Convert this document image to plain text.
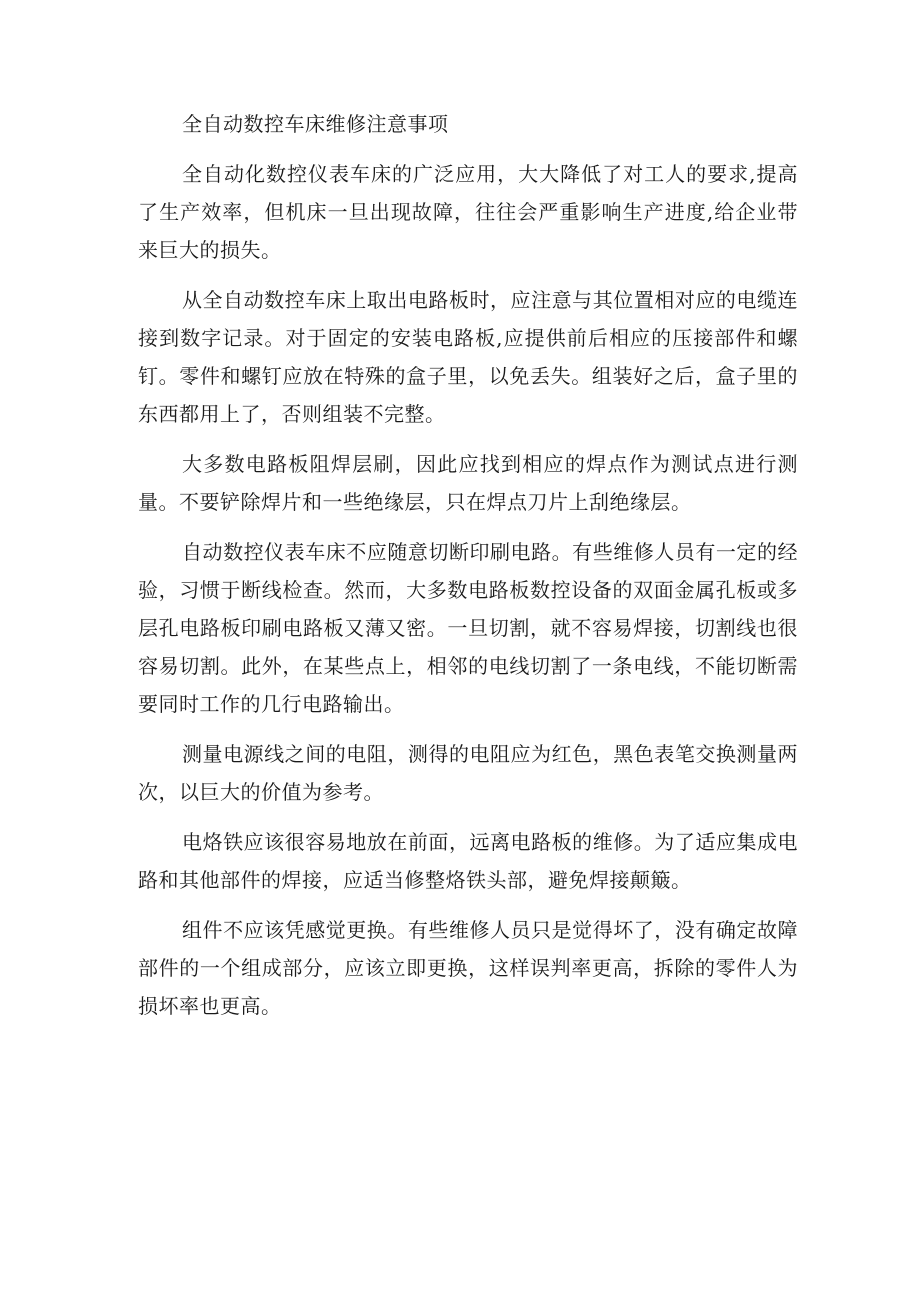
全自动数控车床维修注意事项

全自动化数控仪表车床的广泛应用，大大降低了对工人的要求,提高了生产效率，但机床一旦出现故障，往往会严重影响生产进度,给企业带来巨大的损失。

从全自动数控车床上取出电路板时，应注意与其位置相对应的电缆连接到数字记录。对于固定的安装电路板,应提供前后相应的压接部件和螺钉。零件和螺钉应放在特殊的盒子里，以免丢失。组装好之后，盒子里的东西都用上了，否则组装不完整。

大多数电路板阻焊层刷，因此应找到相应的焊点作为测试点进行测量。不要铲除焊片和一些绝缘层，只在焊点刀片上刮绝缘层。

自动数控仪表车床不应随意切断印刷电路。有些维修人员有一定的经验，习惯于断线检查。然而，大多数电路板数控设备的双面金属孔板或多层孔电路板印刷电路板又薄又密。一旦切割，就不容易焊接，切割线也很容易切割。此外，在某些点上，相邻的电线切割了一条电线，不能切断需要同时工作的几行电路输出。

测量电源线之间的电阻，测得的电阻应为红色，黑色表笔交换测量两次，以巨大的价值为参考。

电烙铁应该很容易地放在前面，远离电路板的维修。为了适应集成电路和其他部件的焊接，应适当修整烙铁头部，避免焊接颠簸。

组件不应该凭感觉更换。有些维修人员只是觉得坏了，没有确定故障部件的一个组成部分，应该立即更换，这样误判率更高，拆除的零件人为损坏率也更高。
